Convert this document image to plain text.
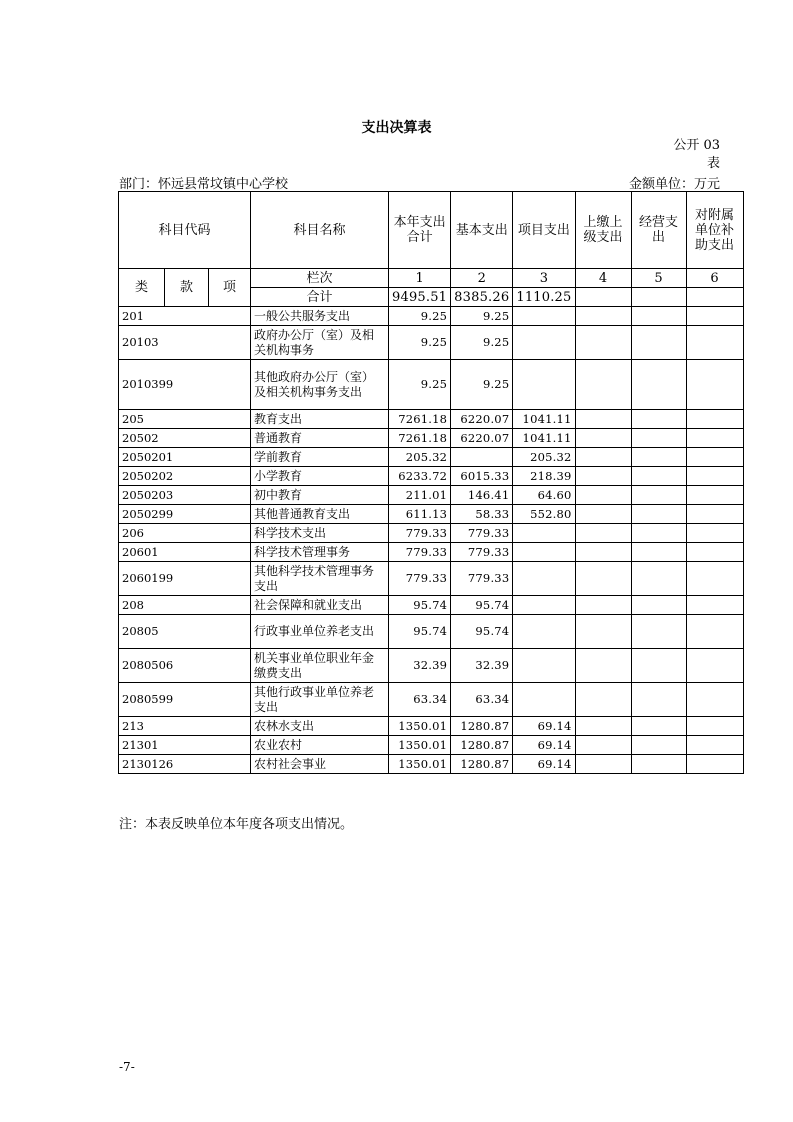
支出决算表
公开 03
表
部门：怀远县常坟镇中心学校	金额单位：万元
科目代码			科目名称	本年支出合计	基本支出	项目支出	上缴上级支出	经营支出	对附属单位补助支出
类	款	项	栏次	1	2	3	4	5	6
			合计	9495.51	8385.26	1110.25			
201			一般公共服务支出	9.25	9.25				
20103			政府办公厅（室）及相关机构事务	9.25	9.25				
2010399			其他政府办公厅（室）及相关机构事务支出	9.25	9.25				
205			教育支出	7261.18	6220.07	1041.11			
20502			普通教育	7261.18	6220.07	1041.11			
2050201			学前教育	205.32		205.32			
2050202			小学教育	6233.72	6015.33	218.39			
2050203			初中教育	211.01	146.41	64.60			
2050299			其他普通教育支出	611.13	58.33	552.80			
206			科学技术支出	779.33	779.33				
20601			科学技术管理事务	779.33	779.33				
2060199			其他科学技术管理事务支出	779.33	779.33				
208			社会保障和就业支出	95.74	95.74				
20805			行政事业单位养老支出	95.74	95.74				
2080506			机关事业单位职业年金缴费支出	32.39	32.39				
2080599			其他行政事业单位养老支出	63.34	63.34				
213			农林水支出	1350.01	1280.87	69.14			
21301			农业农村	1350.01	1280.87	69.14			
2130126			农村社会事业	1350.01	1280.87	69.14			
注：本表反映单位本年度各项支出情况。
-7-
